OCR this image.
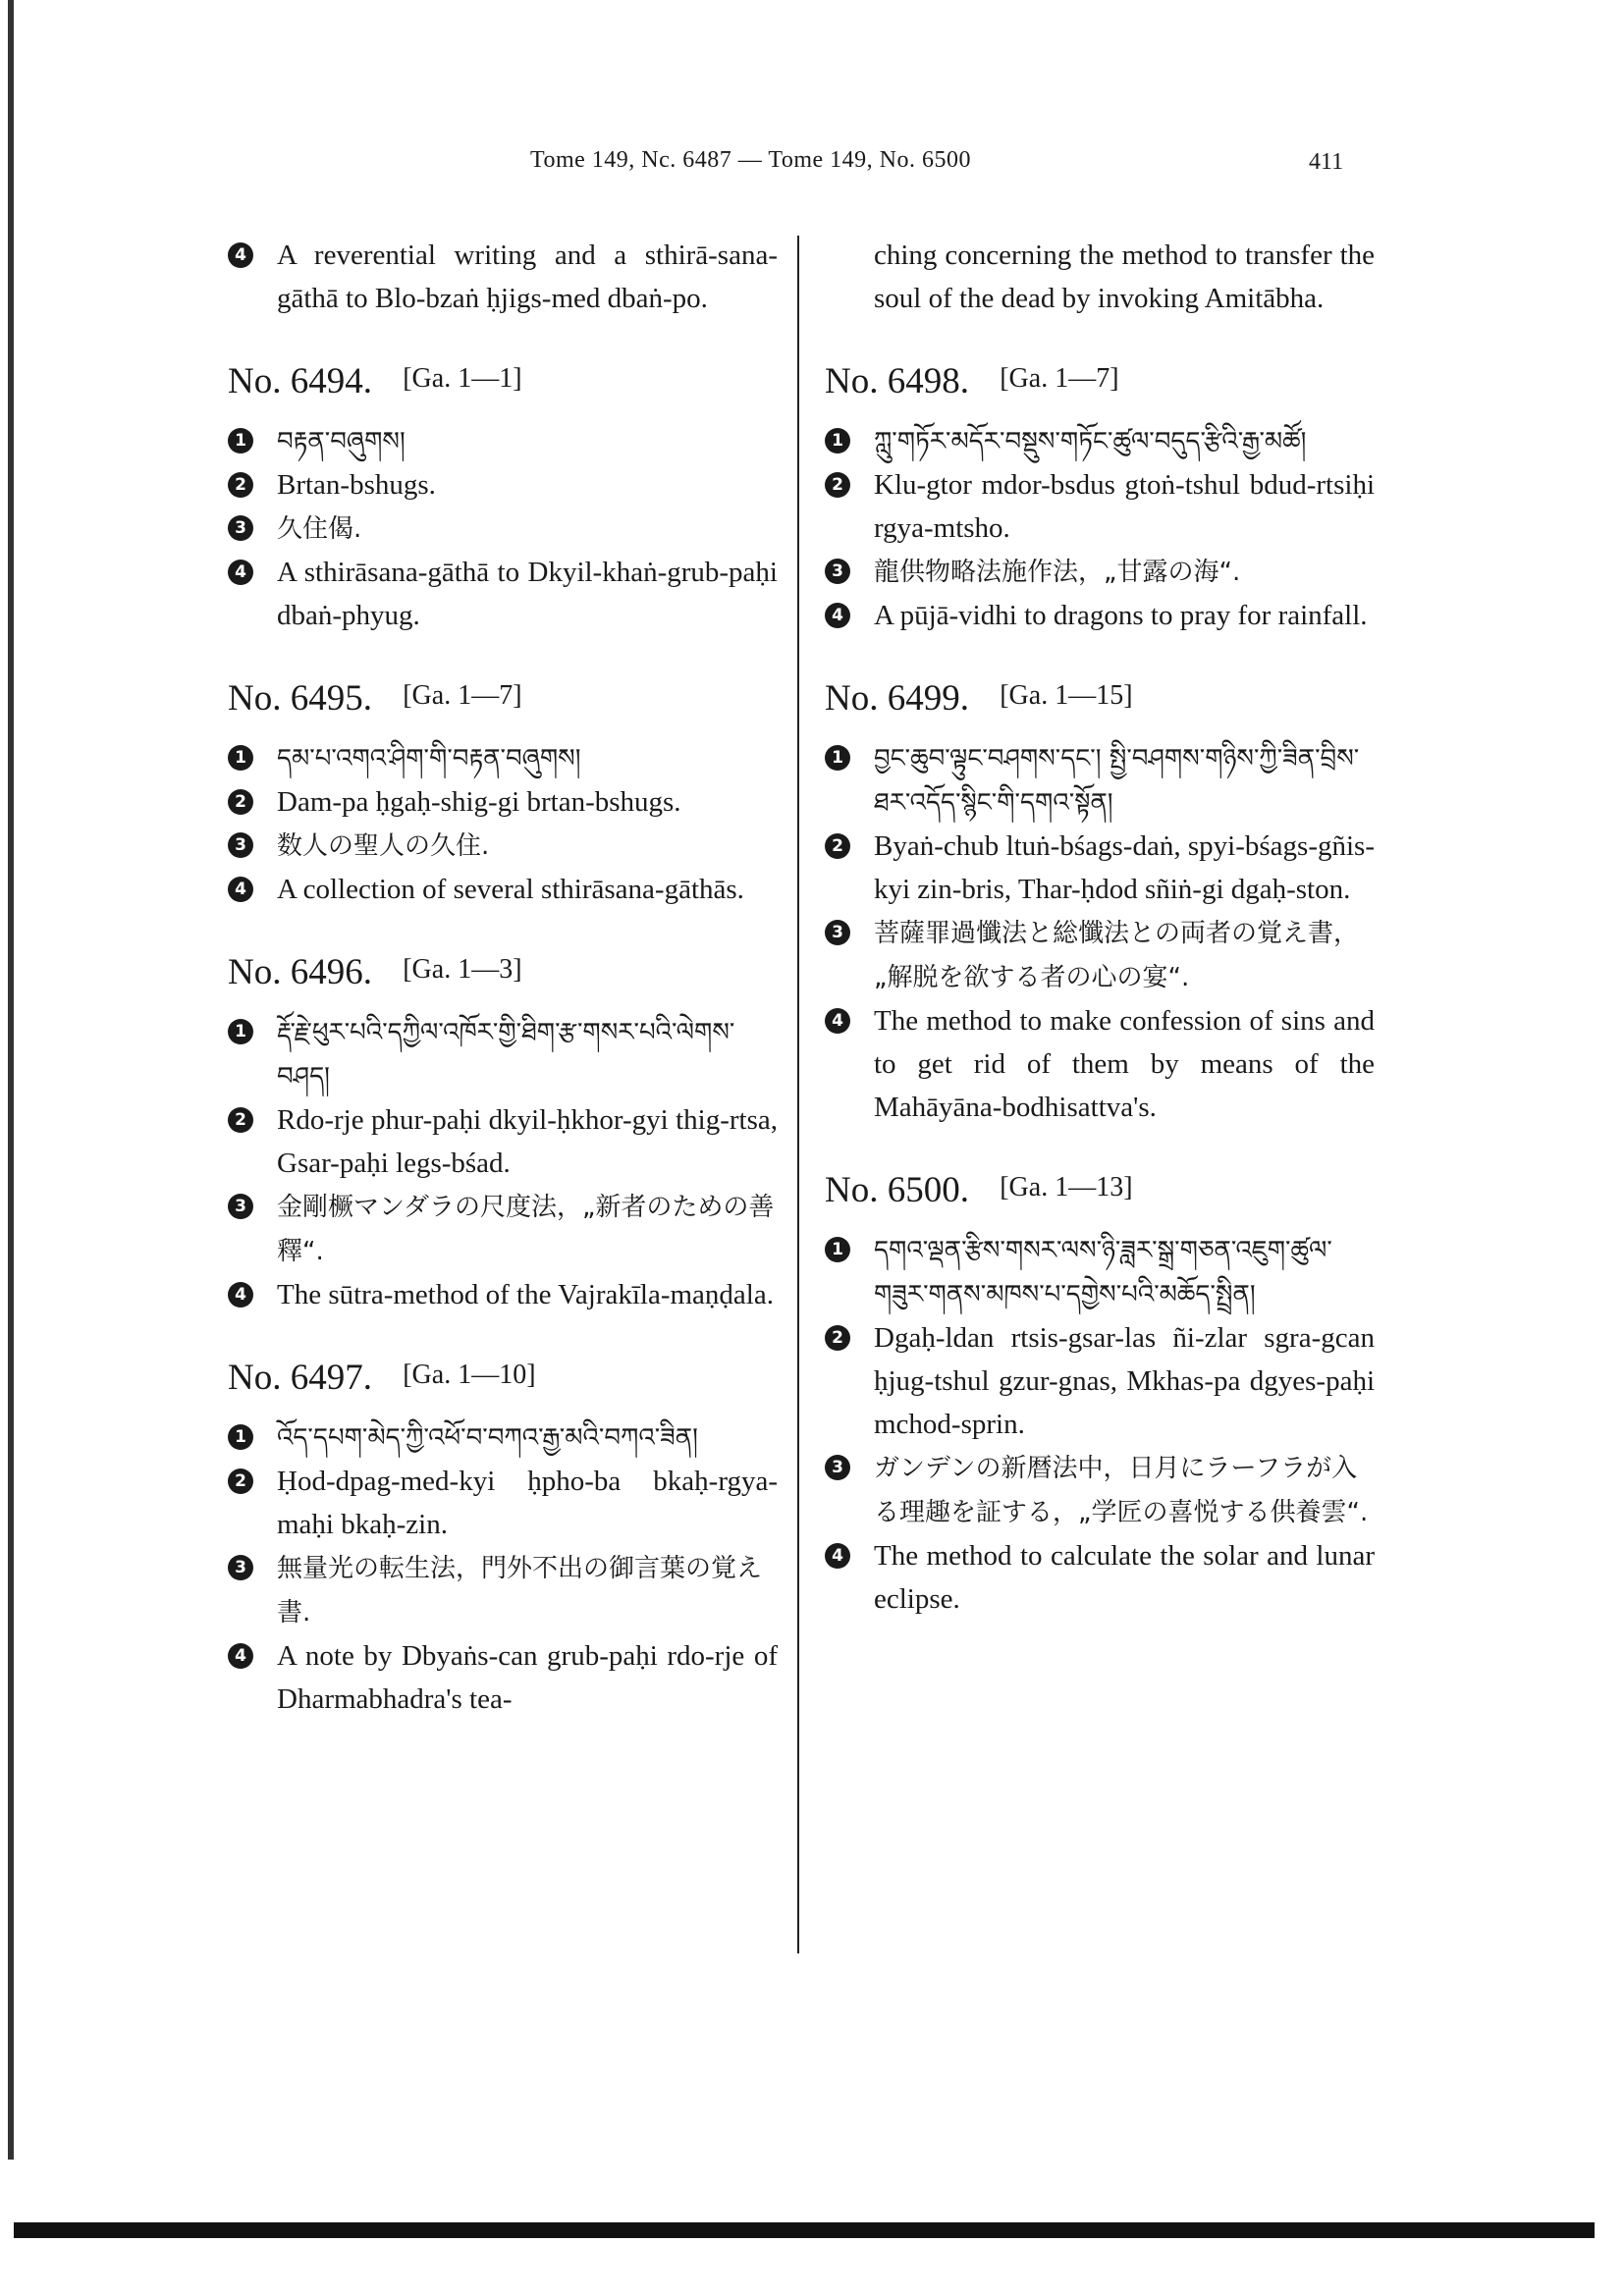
Tome 149, Nc. 6487 — Tome 149, No. 6500	411

4 A reverential writing and a sthirā-sana-gāthā to Blo-bzaṅ ḥjigs-med dbaṅ-po.

No. 6494. [Ga. 1—1]

1 བརྟན་བཞུགས།

2 Brtan-bshugs.

3 久住偈.

4 A sthirāsana-gāthā to Dkyil-khaṅ-grub-paḥi dbaṅ-phyug.

No. 6495. [Ga. 1—7]

1 དམ་པ་འགའ་ཤིག་གི་བརྟན་བཞུགས།

2 Dam-pa ḥgaḥ-shig-gi brtan-bshugs.

3 数人の聖人の久住.

4 A collection of several sthirāsana-gāthās.

No. 6496. [Ga. 1—3]

1 རྡོ་རྗེ་ཕུར་པའི་དཀྱིལ་འཁོར་གྱི་ཐིག་རྩ་གསར་པའི་ལེགས་བཤད།

2 Rdo-rje phur-paḥi dkyil-ḥkhor-gyi thig-rtsa, Gsar-paḥi legs-bśad.

3 金剛橛マンダラの尺度法，„新者のための善釋“.

4 The sūtra-method of the Vajrakīla-maṇḍala.

No. 6497. [Ga. 1—10]

1 འོད་དཔག་མེད་ཀྱི་འཕོ་བ་བཀའ་རྒྱ་མའི་བཀའ་ཟིན།

2 Ḥod-dpag-med-kyi ḥpho-ba bkaḥ-rgya-maḥi bkaḥ-zin.

3 無量光の転生法，門外不出の御言葉の覚え書.

4 A note by Dbyaṅs-can grub-paḥi rdo-rje of Dharmabhadra's tea-

ching concerning the method to transfer the soul of the dead by invoking Amitābha.

No. 6498. [Ga. 1—7]

1 ཀླུ་གཏོར་མདོར་བསྡུས་གཏོང་ཚུལ་བདུད་རྩིའི་རྒྱ་མཚོ།

2 Klu-gtor mdor-bsdus gtoṅ-tshul bdud-rtsiḥi rgya-mtsho.

3 龍供物略法施作法，„甘露の海“.

4 A pūjā-vidhi to dragons to pray for rainfall.

No. 6499. [Ga. 1—15]

1 བྱང་ཆུབ་ལྟུང་བཤགས་དང་། སྤྱི་བཤགས་གཉིས་ཀྱི་ཟིན་བྲིས་ཐར་འདོད་སྙིང་གི་དགའ་སྟོན།

2 Byaṅ-chub ltuṅ-bśags-daṅ, spyi-bśags-gñis-kyi zin-bris, Thar-ḥdod sñiṅ-gi dgaḥ-ston.

3 菩薩罪過懺法と総懺法との両者の覚え書，„解脱を欲する者の心の宴“.

4 The method to make confession of sins and to get rid of them by means of the Mahāyāna-bodhisattva's.

No. 6500. [Ga. 1—13]

1 དགའ་ལྡན་རྩིས་གསར་ལས་ཉི་ཟླར་སྒྲ་གཅན་འཇུག་ཚུལ་གཟུར་གནས་མཁས་པ་དགྱེས་པའི་མཆོད་སྤྲིན།

2 Dgaḥ-ldan rtsis-gsar-las ñi-zlar sgra-gcan ḥjug-tshul gzur-gnas, Mkhas-pa dgyes-paḥi mchod-sprin.

3 ガンデンの新暦法中，日月にラーフラが入る理趣を証する，„学匠の喜悦する供養雲“.

4 The method to calculate the solar and lunar eclipse.
